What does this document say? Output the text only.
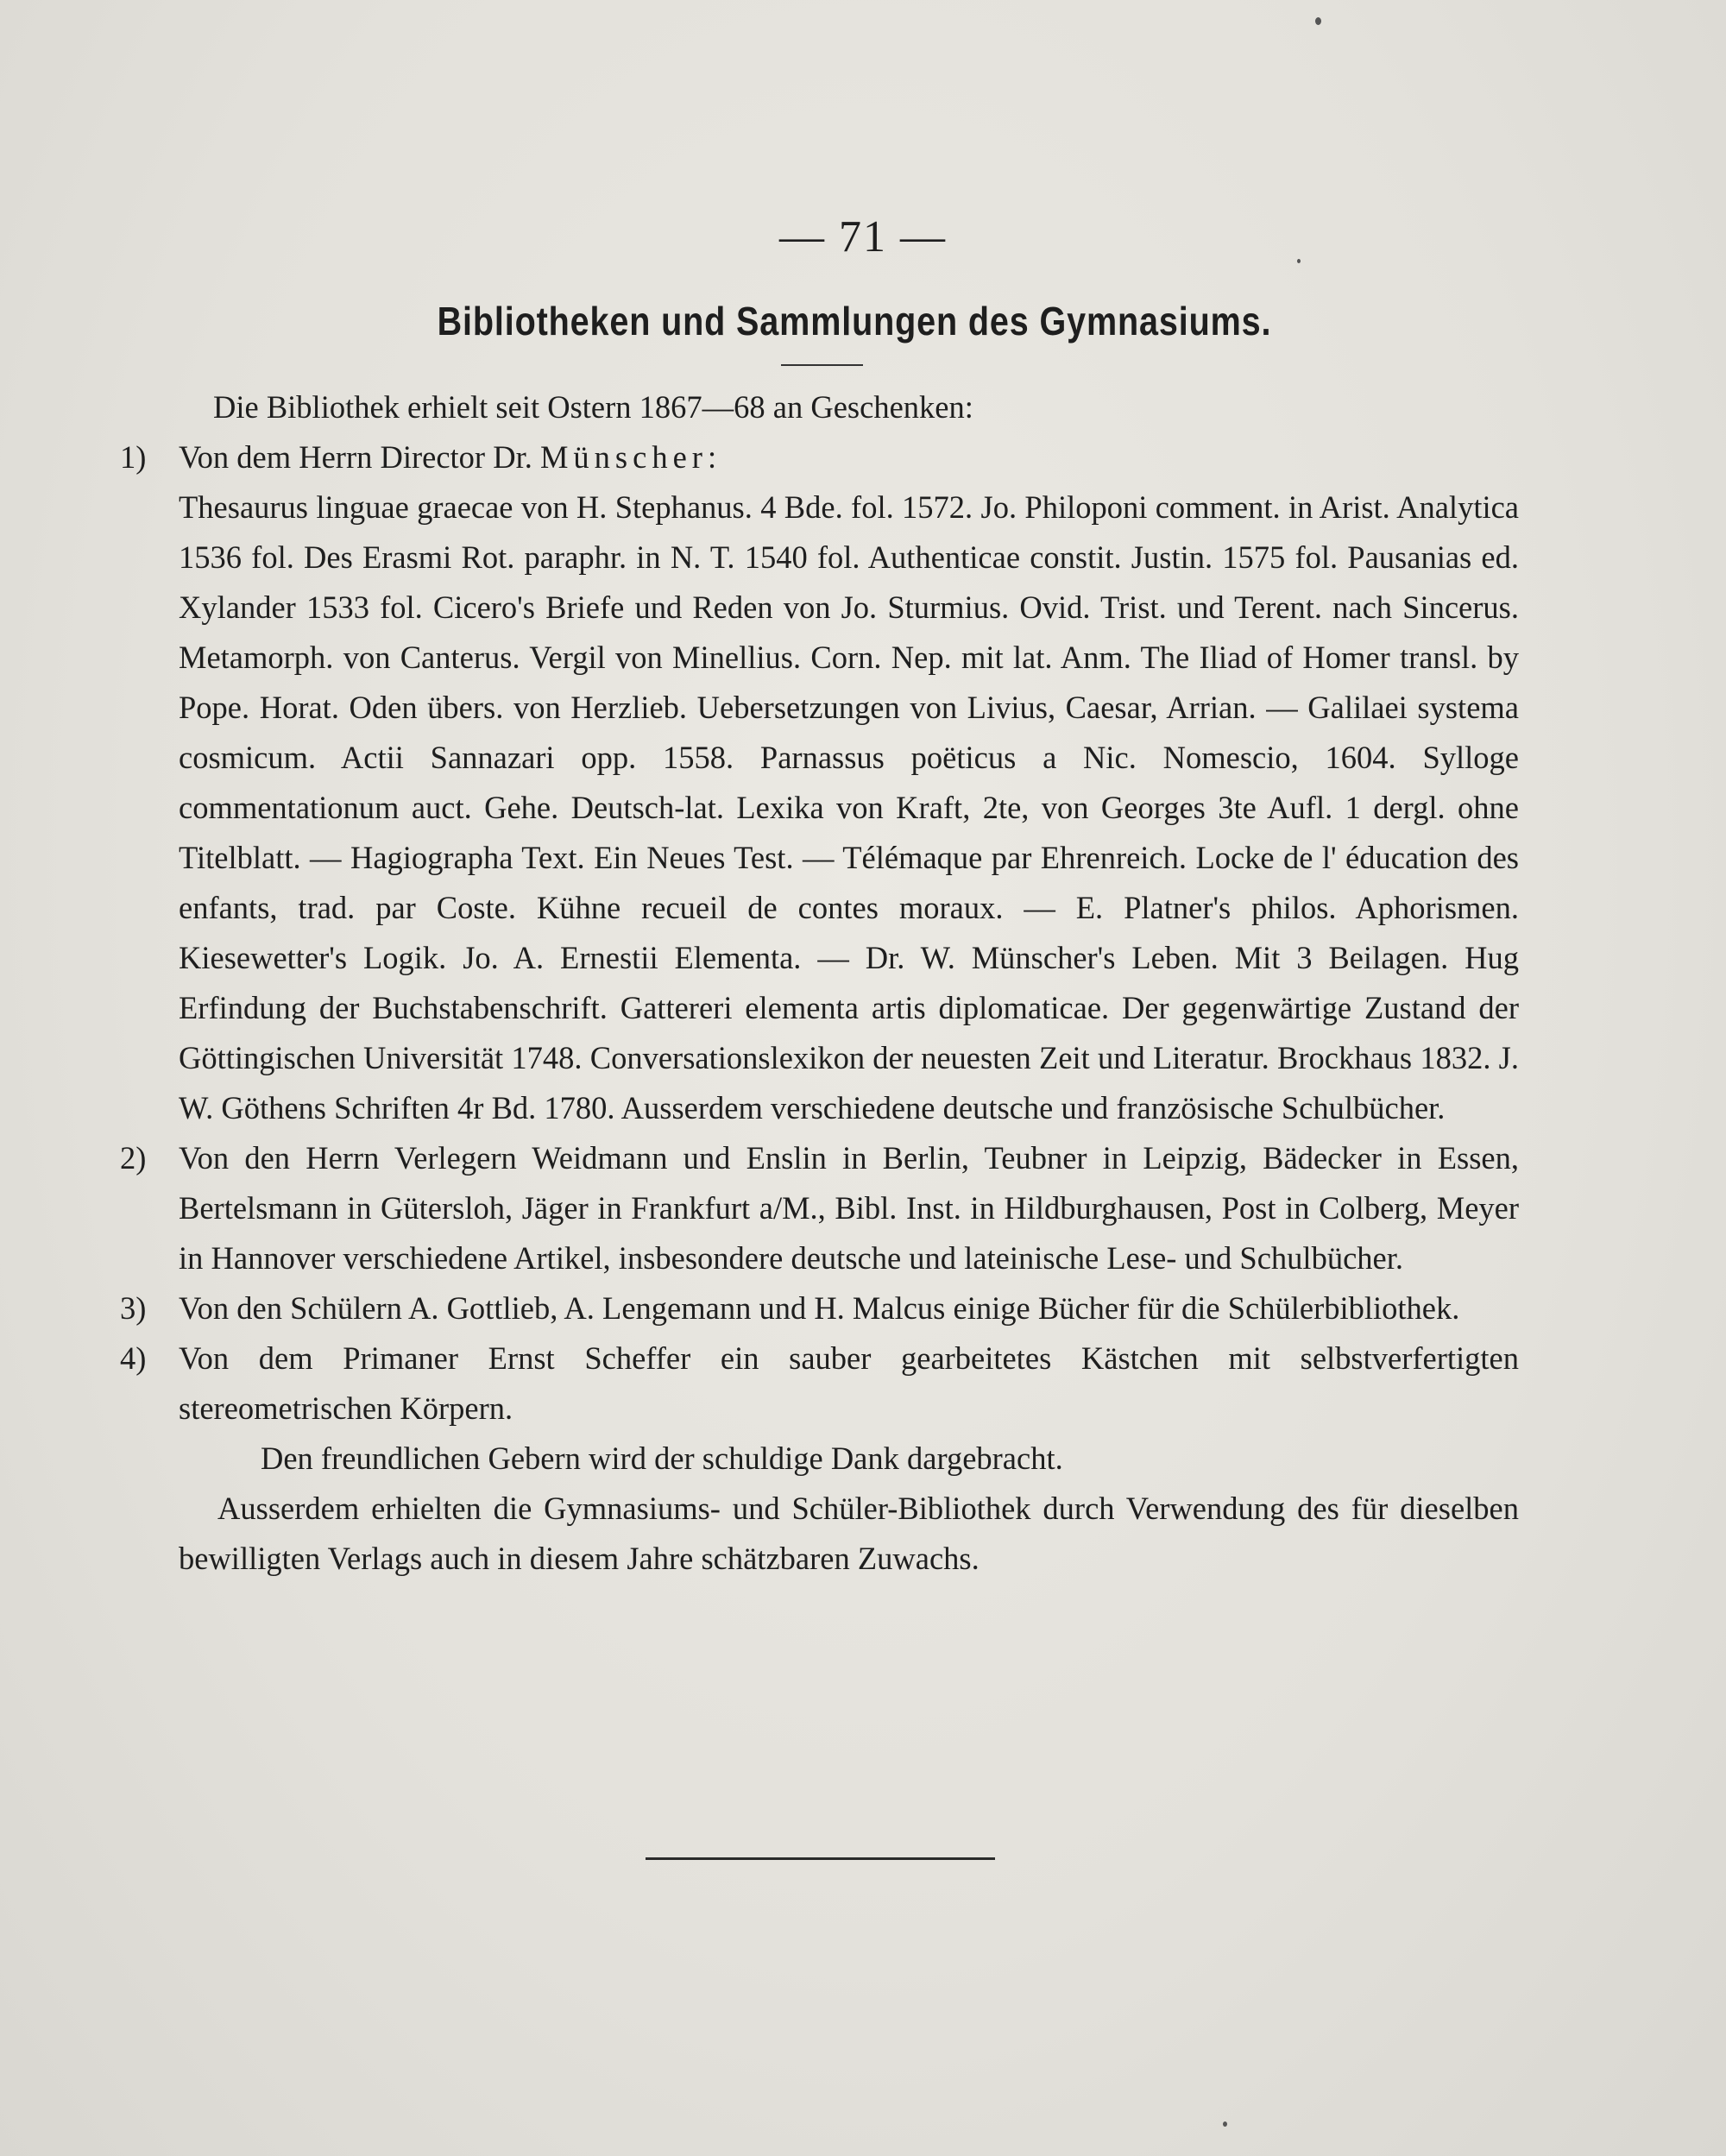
— 71 —
Bibliotheken und Sammlungen des Gymnasiums.
Die Bibliothek erhielt seit Ostern 1867—68 an Geschenken:
1) Von dem Herrn Director Dr. Münscher:
Thesaurus linguae graecae von H. Stephanus. 4 Bde. fol. 1572. Jo. Philoponi comment. in Arist. Analytica 1536 fol. Des Erasmi Rot. paraphr. in N. T. 1540 fol. Authenticae constit. Justin. 1575 fol. Pausanias ed. Xylander 1533 fol. Cicero's Briefe und Reden von Jo. Sturmius. Ovid. Trist. und Terent. nach Sincerus. Metamorph. von Canterus. Vergil von Minellius. Corn. Nep. mit lat. Anm. The Iliad of Homer transl. by Pope. Horat. Oden übers. von Herzlieb. Uebersetzungen von Livius, Caesar, Arrian. — Galilaei systema cosmicum. Actii Sannazari opp. 1558. Parnassus poëticus a Nic. Nomescio, 1604. Sylloge commentationum auct. Gehe. Deutsch-lat. Lexika von Kraft, 2te, von Georges 3te Aufl. 1 dergl. ohne Titelblatt. — Hagiographa Text. Ein Neues Test. — Télémaque par Ehrenreich. Locke de l' éducation des enfants, trad. par Coste. Kühne recueil de contes moraux. — E. Platner's philos. Aphorismen. Kiesewetter's Logik. Jo. A. Ernestii Elementa. — Dr. W. Münscher's Leben. Mit 3 Beilagen. Hug Erfindung der Buchstabenschrift. Gattereri elementa artis diplomaticae. Der gegenwärtige Zustand der Göttingischen Universität 1748. Conversationslexikon der neuesten Zeit und Literatur. Brockhaus 1832. J. W. Göthens Schriften 4r Bd. 1780. Ausserdem verschiedene deutsche und französische Schulbücher.
2) Von den Herrn Verlegern Weidmann und Enslin in Berlin, Teubner in Leipzig, Bädecker in Essen, Bertelsmann in Gütersloh, Jäger in Frankfurt a/M., Bibl. Inst. in Hildburghausen, Post in Colberg, Meyer in Hannover verschiedene Artikel, insbesondere deutsche und lateinische Lese- und Schulbücher.
3) Von den Schülern A. Gottlieb, A. Lengemann und H. Malcus einige Bücher für die Schülerbibliothek.
4) Von dem Primaner Ernst Scheffer ein sauber gearbeitetes Kästchen mit selbstverfertigten stereometrischen Körpern.
Den freundlichen Gebern wird der schuldige Dank dargebracht.
Ausserdem erhielten die Gymnasiums- und Schüler-Bibliothek durch Verwendung des für dieselben bewilligten Verlags auch in diesem Jahre schätzbaren Zuwachs.
